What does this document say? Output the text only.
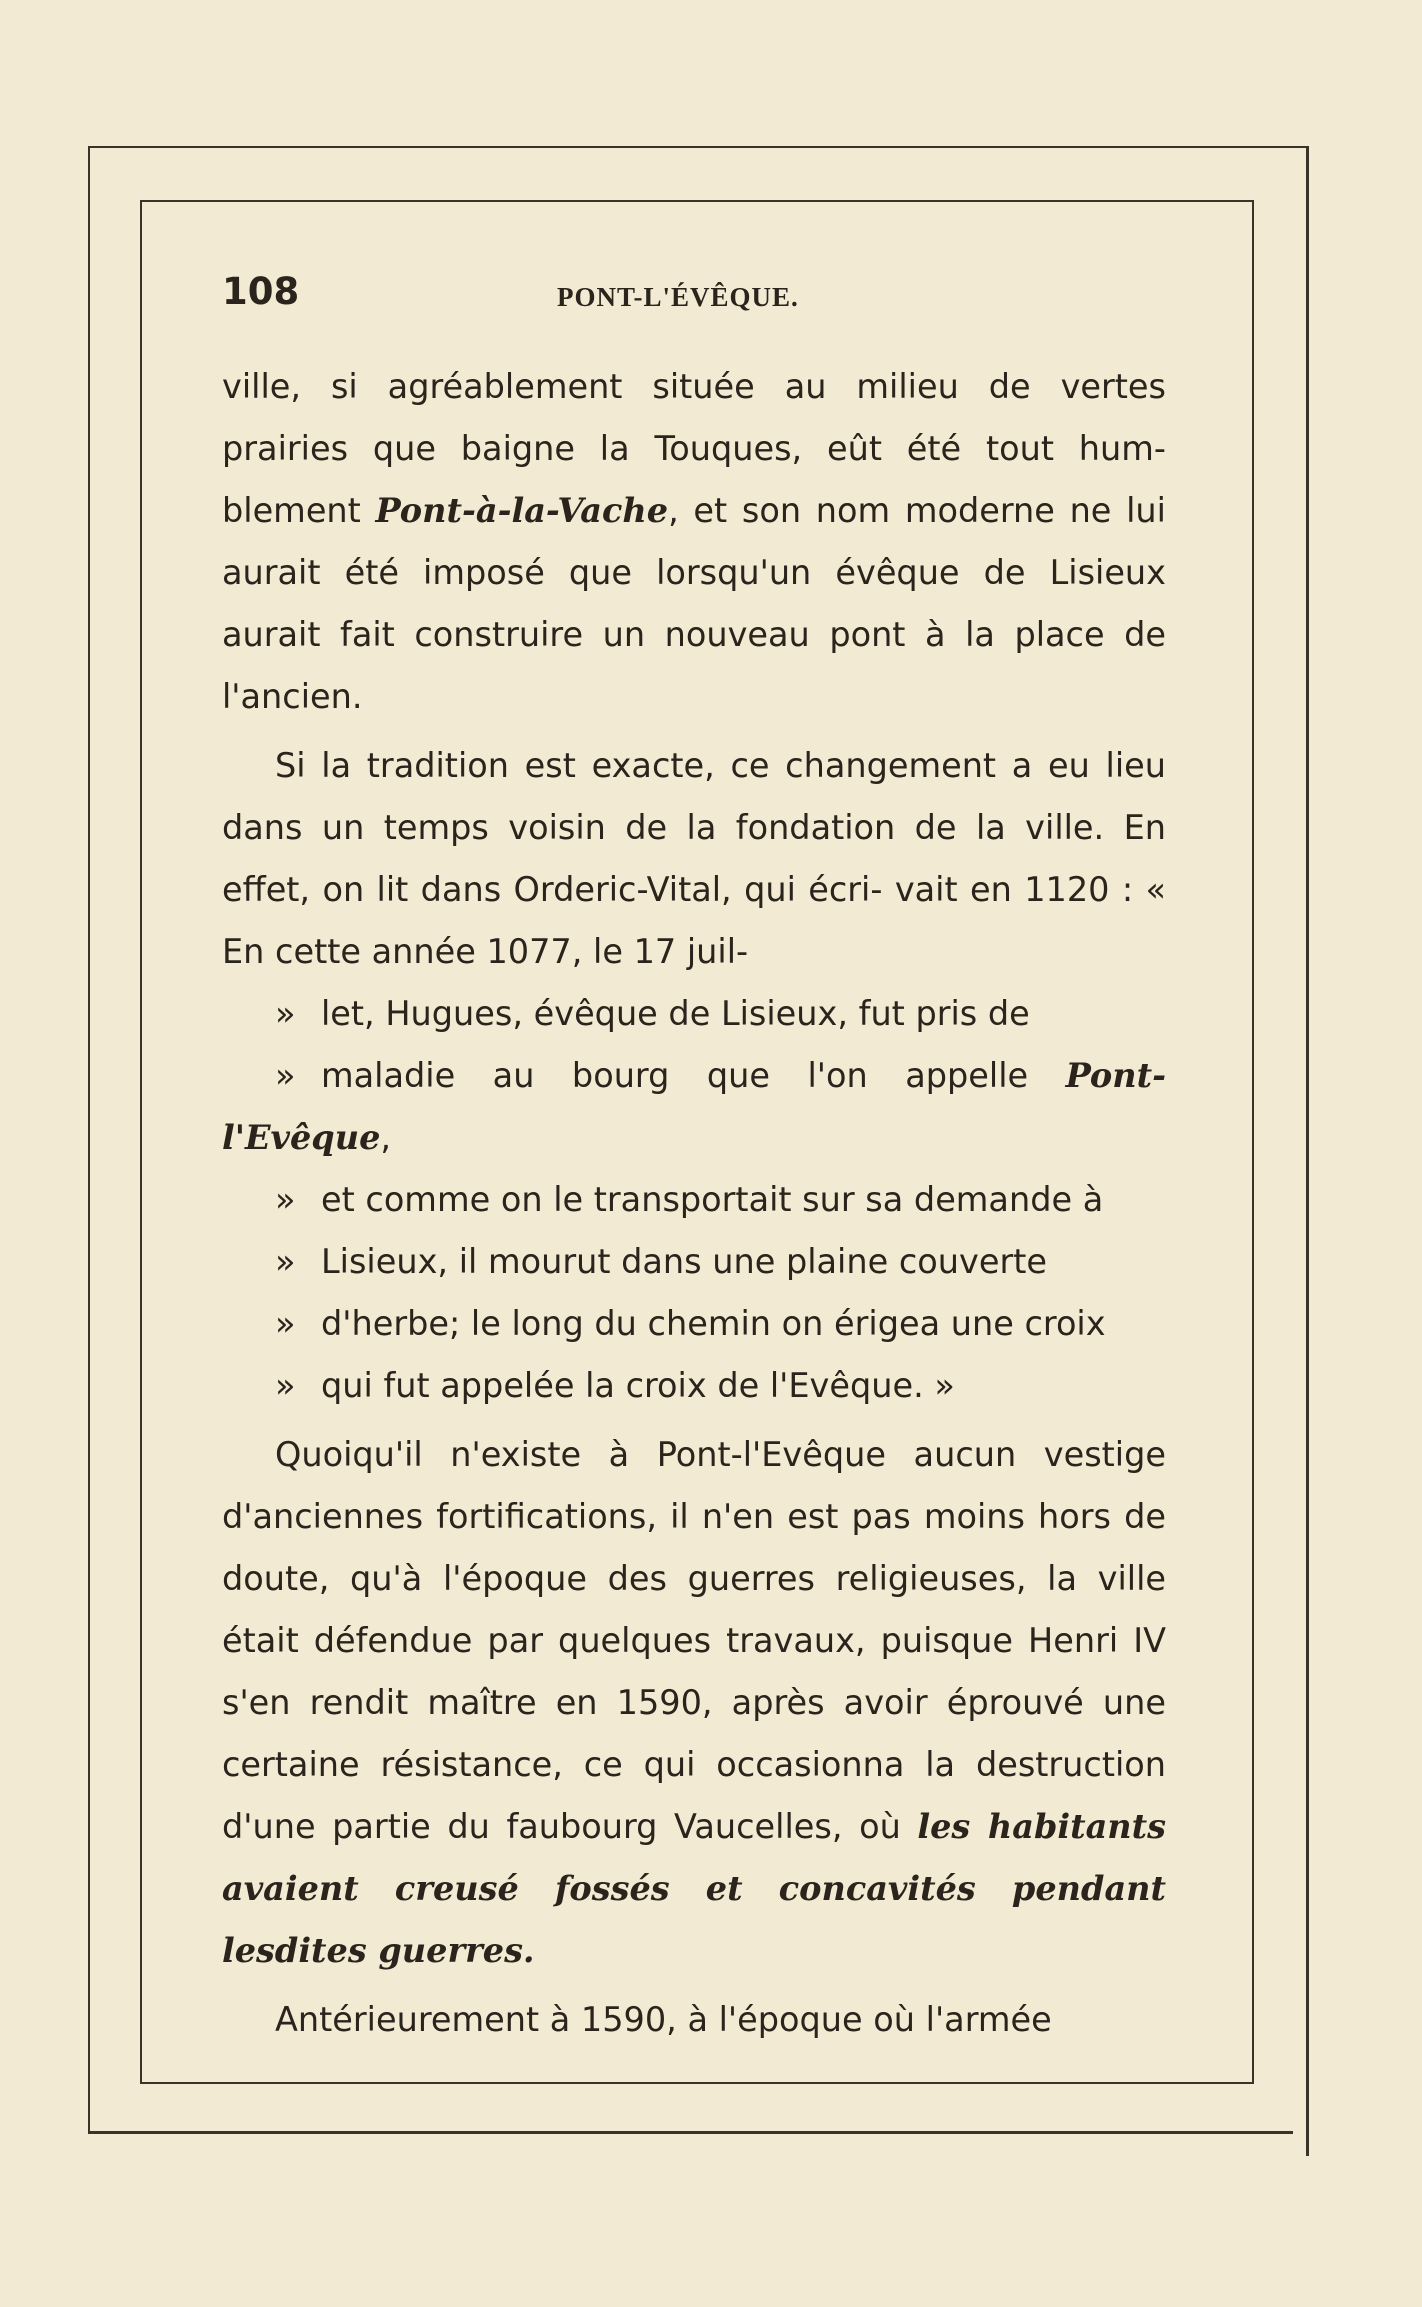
108	PONT-L'ÉVÊQUE.

ville, si agréablement située au milieu de vertes prairies que baigne la Touques, eût été tout hum- blement Pont-à-la-Vache, et son nom moderne ne lui aurait été imposé que lorsqu'un évêque de Lisieux aurait fait construire un nouveau pont à la place de l'ancien.

Si la tradition est exacte, ce changement a eu lieu dans un temps voisin de la fondation de la ville. En effet, on lit dans Orderic-Vital, qui écri- vait en 1120 : « En cette année 1077, le 17 juil-
» let, Hugues, évêque de Lisieux, fut pris de
» maladie au bourg que l'on appelle Pont-l'Evêque,
» et comme on le transportait sur sa demande à
» Lisieux, il mourut dans une plaine couverte
» d'herbe; le long du chemin on érigea une croix
» qui fut appelée la croix de l'Evêque. »

Quoiqu'il n'existe à Pont-l'Evêque aucun vestige d'anciennes fortifications, il n'en est pas moins hors de doute, qu'à l'époque des guerres religieuses, la ville était défendue par quelques travaux, puisque Henri IV s'en rendit maître en 1590, après avoir éprouvé une certaine résistance, ce qui occasionna la destruction d'une partie du faubourg Vaucelles, où les habitants avaient creusé fossés et concavités pendant lesdites guerres.

Antérieurement à 1590, à l'époque où l'armée
